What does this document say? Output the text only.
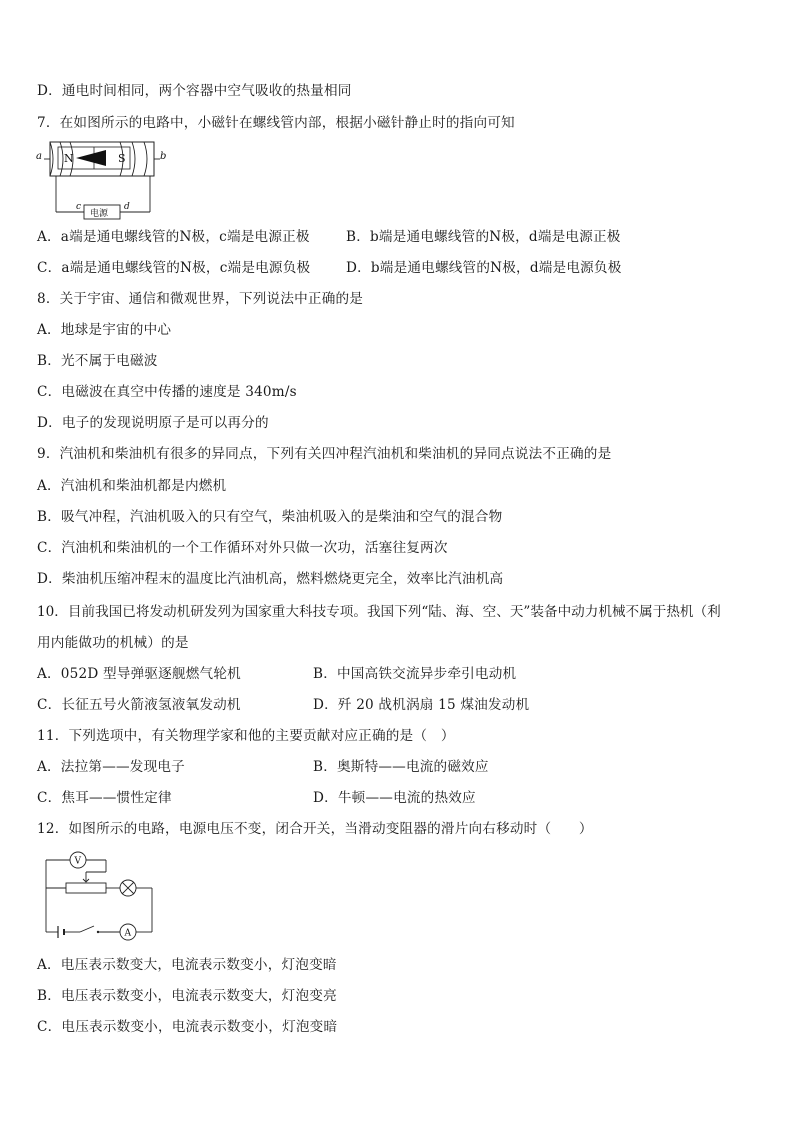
D．通电时间相同，两个容器中空气吸收的热量相同
7．在如图所示的电路中，小磁针在螺线管内部，根据小磁针静止时的指向可知
N	S
a	b
电源
c	d
A．a端是通电螺线管的N极，c端是电源正极	B．b端是通电螺线管的N极，d端是电源正极
C．a端是通电螺线管的N极，c端是电源负极	D．b端是通电螺线管的N极，d端是电源负极
8．关于宇宙、通信和微观世界，下列说法中正确的是
A．地球是宇宙的中心
B．光不属于电磁波
C．电磁波在真空中传播的速度是 340m/s
D．电子的发现说明原子是可以再分的
9．汽油机和柴油机有很多的异同点，下列有关四冲程汽油机和柴油机的异同点说法不正确的是
A．汽油机和柴油机都是内燃机
B．吸气冲程，汽油机吸入的只有空气，柴油机吸入的是柴油和空气的混合物
C．汽油机和柴油机的一个工作循环对外只做一次功，活塞往复两次
D．柴油机压缩冲程末的温度比汽油机高，燃料燃烧更完全，效率比汽油机高
10．目前我国已将发动机研发列为国家重大科技专项。我国下列“陆、海、空、天”装备中动力机械不属于热机（利
用内能做功的机械）的是
A．052D 型导弹驱逐舰燃气轮机	B．中国高铁交流异步牵引电动机
C．长征五号火箭液氢液氧发动机	D．歼 20 战机涡扇 15 煤油发动机
11．下列选项中，有关物理学家和他的主要贡献对应正确的是（　）
A．法拉第——发现电子	B．奥斯特——电流的磁效应
C．焦耳——惯性定律	D．牛顿——电流的热效应
12．如图所示的电路，电源电压不变，闭合开关，当滑动变阻器的滑片向右移动时（　　）
V
A
A．电压表示数变大，电流表示数变小，灯泡变暗
B．电压表示数变小，电流表示数变大，灯泡变亮
C．电压表示数变小，电流表示数变小，灯泡变暗
